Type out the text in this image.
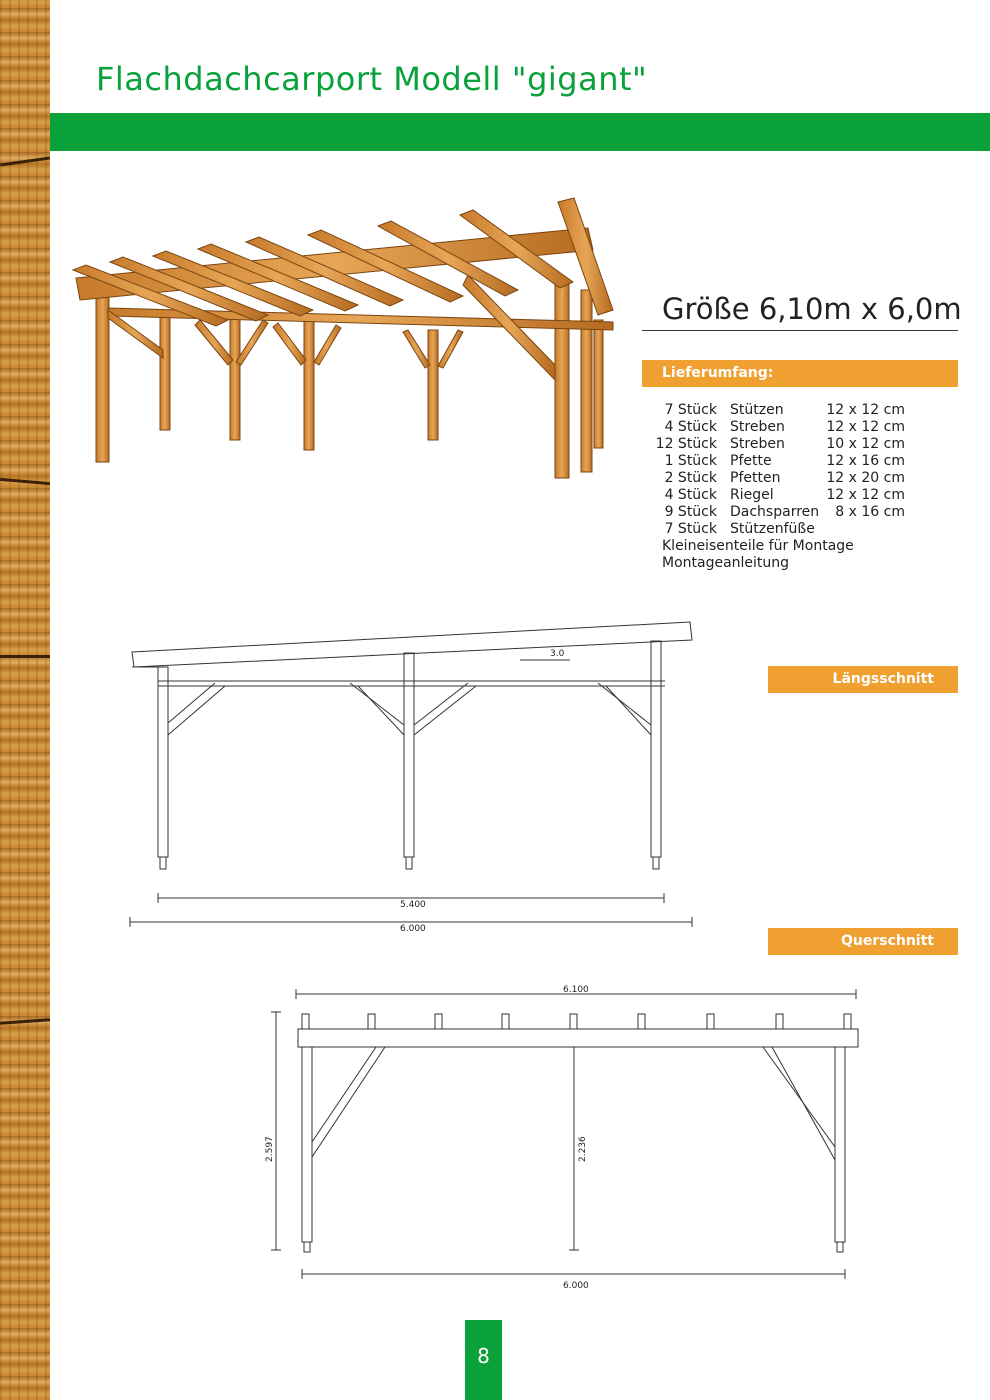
Flachdachcarport Modell "gigant"
Größe 6,10m x 6,0m
Lieferumfang:
7 Stück Stützen	12 x 12 cm
4 Stück Streben	12 x 12 cm
12 Stück Streben	10 x 12 cm
1 Stück Pfette	12 x 16 cm
2 Stück Pfetten	12 x 20 cm
4 Stück Riegel	12 x 12 cm
9 Stück Dachsparren	8 x 16 cm
7 Stück Stützenfüße
Kleineisenteile für Montage
Montageanleitung
Längsschnitt
Querschnitt
3.0
5.400
6.000
6.100
2.597	2.236
6.000
8
